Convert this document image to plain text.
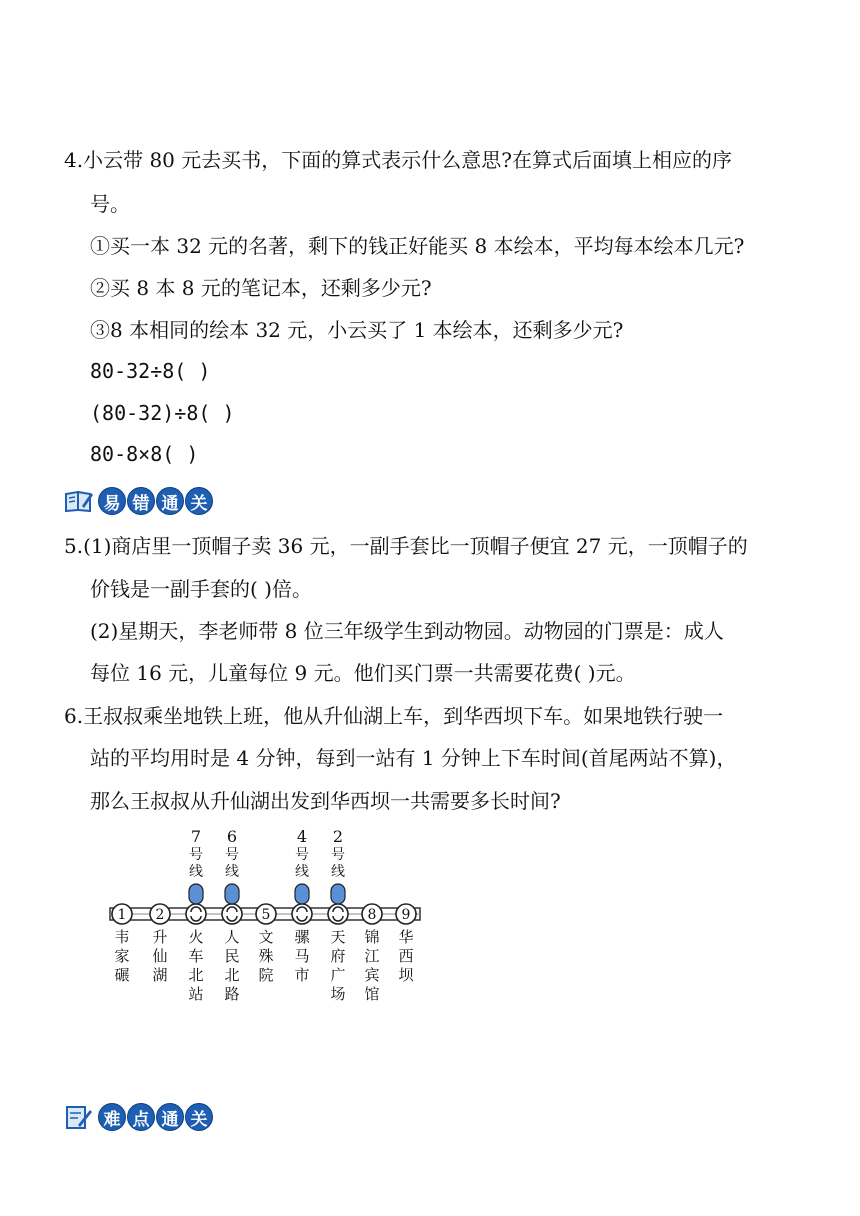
4.小云带 80 元去买书，下面的算式表示什么意思?在算式后面填上相应的序
号。
①买一本 32 元的名著，剩下的钱正好能买 8 本绘本，平均每本绘本几元?
②买 8 本 8 元的笔记本，还剩多少元?
③8 本相同的绘本 32 元，小云买了 1 本绘本，还剩多少元?
80-32÷8( )
(80-32)÷8( )
80-8×8( )
易 错 通 关
5.(1)商店里一顶帽子卖 36 元，一副手套比一顶帽子便宜 27 元，一顶帽子的
价钱是一副手套的( )倍。
(2)星期天，李老师带 8 位三年级学生到动物园。动物园的门票是：成人
每位 16 元，儿童每位 9 元。他们买门票一共需要花费( )元。
6.王叔叔乘坐地铁上班，他从升仙湖上车，到华西坝下车。如果地铁行驶一
站的平均用时是 4 分钟，每到一站有 1 分钟上下车时间(首尾两站不算)，
那么王叔叔从升仙湖出发到华西坝一共需要多长时间?
1
韦
家
碾
2
升
仙
湖
7
号
线
火
车
北
站
6
号
线
人
民
北
路
5
文
殊
院
4
号
线
骡
马
市
2
号
线
天
府
广
场
8
锦
江
宾
馆
9
华
西
坝
难 点 通 关
